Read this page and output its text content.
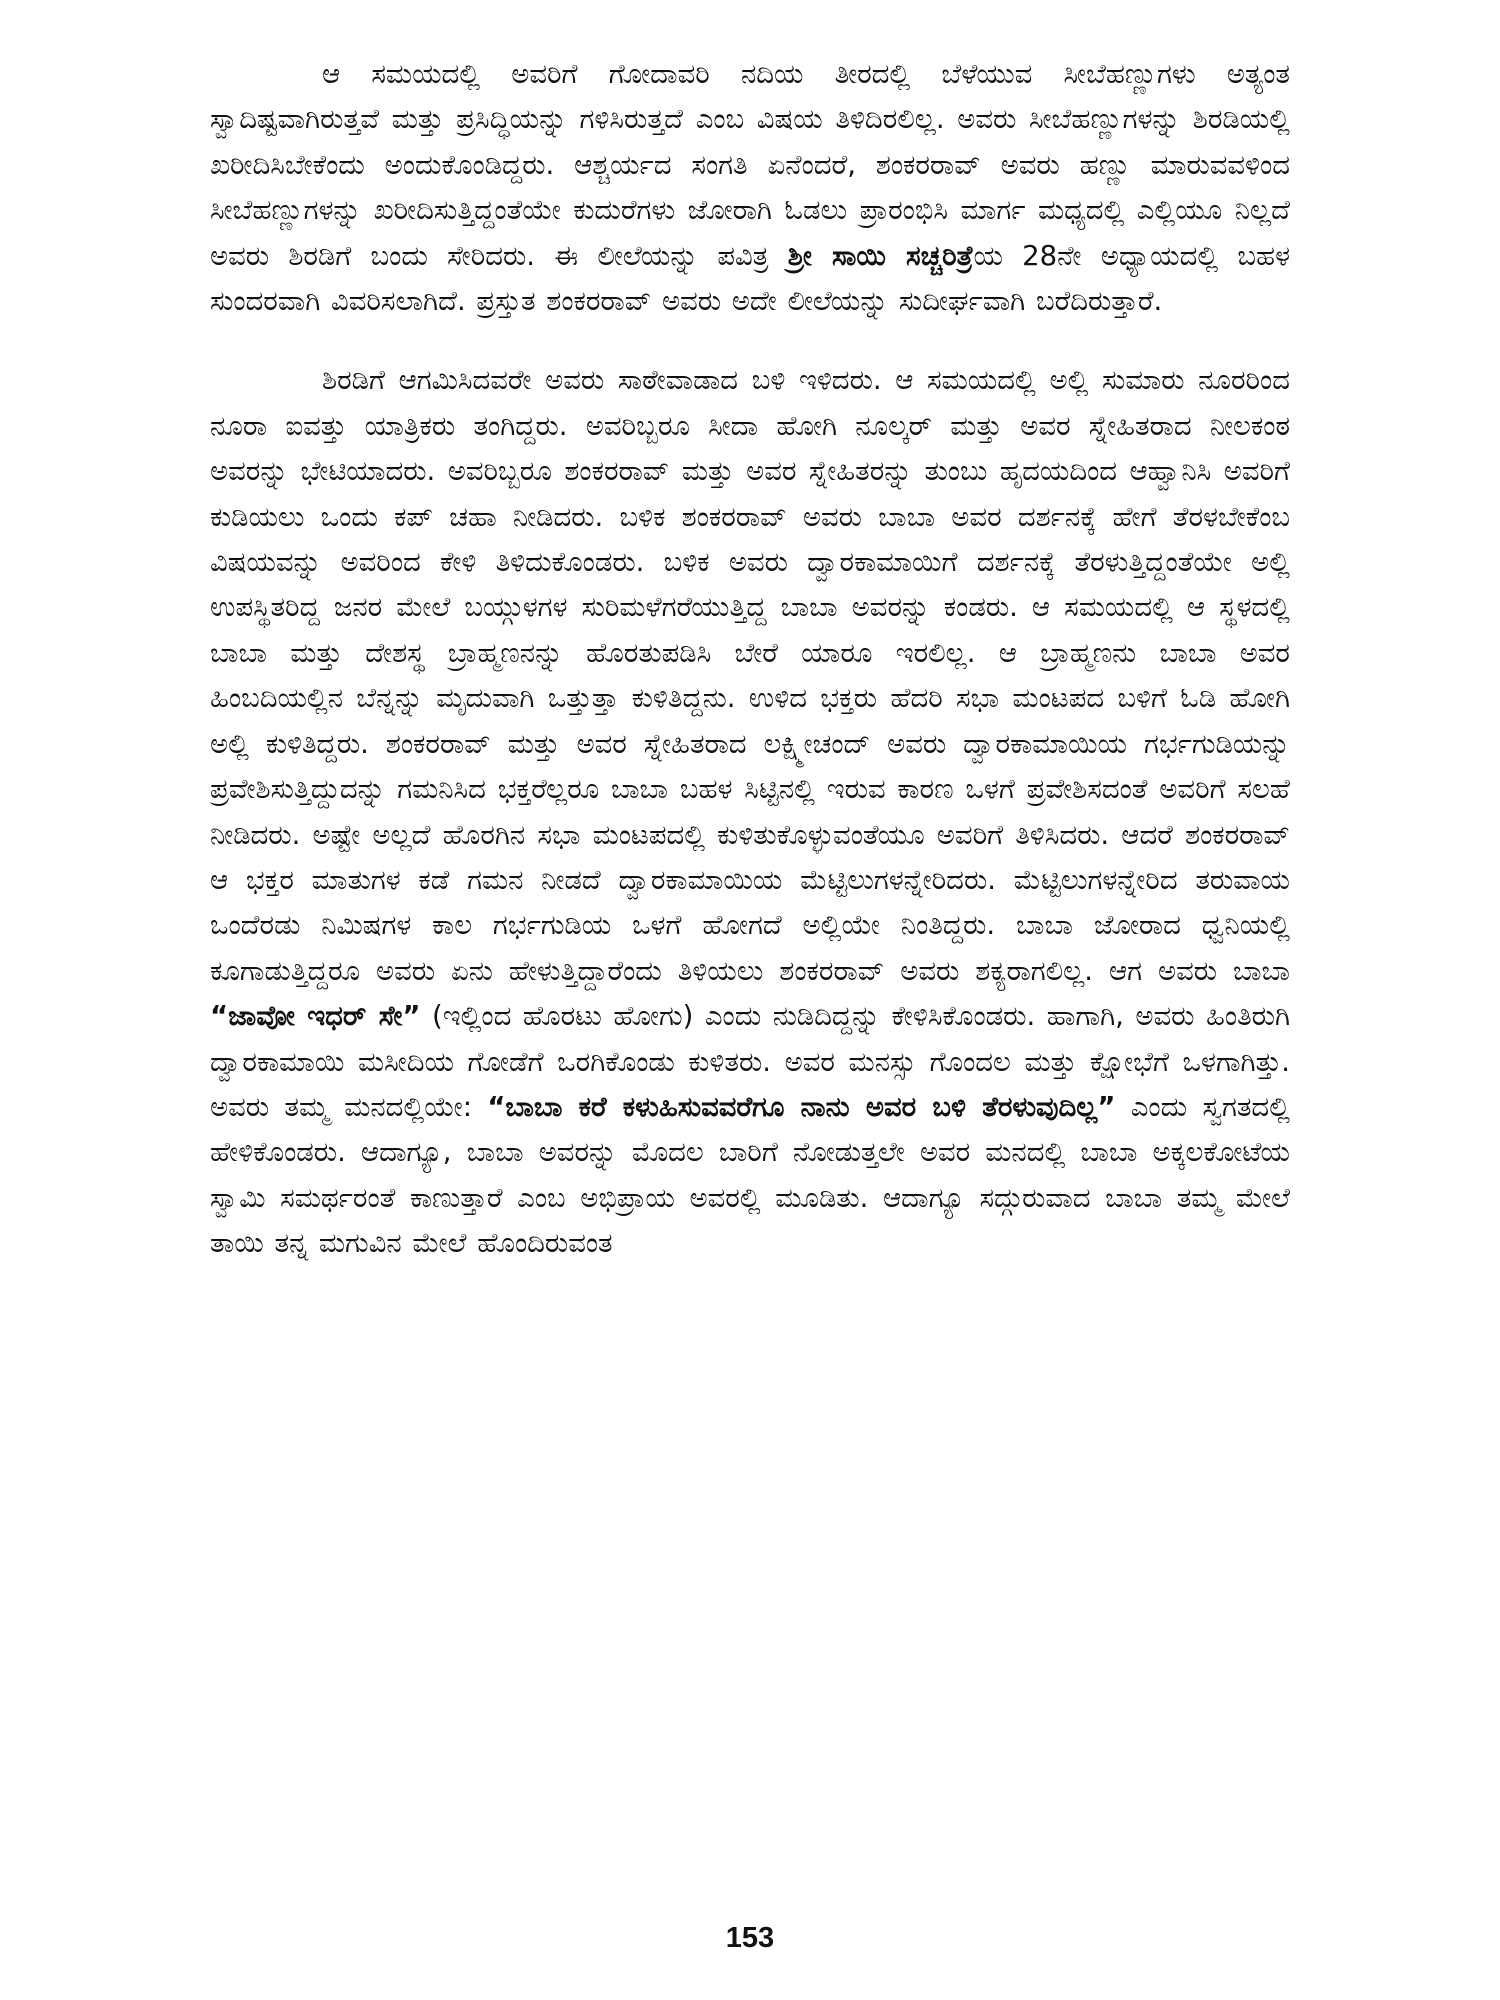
ಆ ಸಮಯದಲ್ಲಿ ಅವರಿಗೆ ಗೋದಾವರಿ ನದಿಯ ತೀರದಲ್ಲಿ ಬೆಳೆಯುವ ಸೀಬೆಹಣ್ಣುಗಳು ಅತ್ಯಂತ ಸ್ವಾದಿಷ್ಟವಾಗಿರುತ್ತವೆ ಮತ್ತು ಪ್ರಸಿದ್ಧಿಯನ್ನು ಗಳಿಸಿರುತ್ತದೆ ಎಂಬ ವಿಷಯ ತಿಳಿದಿರಲಿಲ್ಲ. ಅವರು ಸೀಬೆಹಣ್ಣುಗಳನ್ನು ಶಿರಡಿಯಲ್ಲಿ ಖರೀದಿಸಿಬೇಕೆಂದು ಅಂದುಕೊಂಡಿದ್ದರು. ಆಶ್ಚರ್ಯದ ಸಂಗತಿ ಏನೆಂದರೆ, ಶಂಕರರಾವ್ ಅವರು ಹಣ್ಣು ಮಾರುವವಳಿಂದ ಸೀಬೆಹಣ್ಣುಗಳನ್ನು ಖರೀದಿಸುತ್ತಿದ್ದಂತೆಯೇ ಕುದುರೆಗಳು ಜೋರಾಗಿ ಓಡಲು ಪ್ರಾರಂಭಿಸಿ ಮಾರ್ಗ ಮಧ್ಯದಲ್ಲಿ ಎಲ್ಲಿಯೂ ನಿಲ್ಲದೆ ಅವರು ಶಿರಡಿಗೆ ಬಂದು ಸೇರಿದರು. ಈ ಲೀಲೆಯನ್ನು ಪವಿತ್ರ ಶ್ರೀ ಸಾಯಿ ಸಚ್ಚರಿತ್ರೆಯ 28ನೇ ಅಧ್ಯಾಯದಲ್ಲಿ ಬಹಳ ಸುಂದರವಾಗಿ ವಿವರಿಸಲಾಗಿದೆ. ಪ್ರಸ್ತುತ ಶಂಕರರಾವ್ ಅವರು ಅದೇ ಲೀಲೆಯನ್ನು ಸುದೀರ್ಘವಾಗಿ ಬರೆದಿರುತ್ತಾರೆ.

ಶಿರಡಿಗೆ ಆಗಮಿಸಿದವರೇ ಅವರು ಸಾಠೇವಾಡಾದ ಬಳಿ ಇಳಿದರು. ಆ ಸಮಯದಲ್ಲಿ ಅಲ್ಲಿ ಸುಮಾರು ನೂರರಿಂದ ನೂರಾ ಐವತ್ತು ಯಾತ್ರಿಕರು ತಂಗಿದ್ದರು. ಅವರಿಬ್ಬರೂ ಸೀದಾ ಹೋಗಿ ನೂಲ್ಕರ್ ಮತ್ತು ಅವರ ಸ್ನೇಹಿತರಾದ ನೀಲಕಂಠ ಅವರನ್ನು ಭೇಟಿಯಾದರು. ಅವರಿಬ್ಬರೂ ಶಂಕರರಾವ್ ಮತ್ತು ಅವರ ಸ್ನೇಹಿತರನ್ನು ತುಂಬು ಹೃದಯದಿಂದ ಆಹ್ವಾನಿಸಿ ಅವರಿಗೆ ಕುಡಿಯಲು ಒಂದು ಕಪ್ ಚಹಾ ನೀಡಿದರು. ಬಳಿಕ ಶಂಕರರಾವ್ ಅವರು ಬಾಬಾ ಅವರ ದರ್ಶನಕ್ಕೆ ಹೇಗೆ ತೆರಳಬೇಕೆಂಬ ವಿಷಯವನ್ನು ಅವರಿಂದ ಕೇಳಿ ತಿಳಿದುಕೊಂಡರು. ಬಳಿಕ ಅವರು ದ್ವಾರಕಾಮಾಯಿಗೆ ದರ್ಶನಕ್ಕೆ ತೆರಳುತ್ತಿದ್ದಂತೆಯೇ ಅಲ್ಲಿ ಉಪಸ್ಥಿತರಿದ್ದ ಜನರ ಮೇಲೆ ಬಯ್ಗುಳಗಳ ಸುರಿಮಳೆಗರೆಯುತ್ತಿದ್ದ ಬಾಬಾ ಅವರನ್ನು ಕಂಡರು. ಆ ಸಮಯದಲ್ಲಿ ಆ ಸ್ಥಳದಲ್ಲಿ ಬಾಬಾ ಮತ್ತು ದೇಶಸ್ಥ ಬ್ರಾಹ್ಮಣನನ್ನು ಹೊರತುಪಡಿಸಿ ಬೇರೆ ಯಾರೂ ಇರಲಿಲ್ಲ. ಆ ಬ್ರಾಹ್ಮಣನು ಬಾಬಾ ಅವರ ಹಿಂಬದಿಯಲ್ಲಿನ ಬೆನ್ನನ್ನು ಮೃದುವಾಗಿ ಒತ್ತುತ್ತಾ ಕುಳಿತಿದ್ದನು. ಉಳಿದ ಭಕ್ತರು ಹೆದರಿ ಸಭಾ ಮಂಟಪದ ಬಳಿಗೆ ಓಡಿ ಹೋಗಿ ಅಲ್ಲಿ ಕುಳಿತಿದ್ದರು. ಶಂಕರರಾವ್ ಮತ್ತು ಅವರ ಸ್ನೇಹಿತರಾದ ಲಕ್ಷ್ಮೀಚಂದ್ ಅವರು ದ್ವಾರಕಾಮಾಯಿಯ ಗರ್ಭಗುಡಿಯನ್ನು ಪ್ರವೇಶಿಸುತ್ತಿದ್ದುದನ್ನು ಗಮನಿಸಿದ ಭಕ್ತರೆಲ್ಲರೂ ಬಾಬಾ ಬಹಳ ಸಿಟ್ಟಿನಲ್ಲಿ ಇರುವ ಕಾರಣ ಒಳಗೆ ಪ್ರವೇಶಿಸದಂತೆ ಅವರಿಗೆ ಸಲಹೆ ನೀಡಿದರು. ಅಷ್ಟೇ ಅಲ್ಲದೆ ಹೊರಗಿನ ಸಭಾ ಮಂಟಪದಲ್ಲಿ ಕುಳಿತುಕೊಳ್ಳುವಂತೆಯೂ ಅವರಿಗೆ ತಿಳಿಸಿದರು. ಆದರೆ ಶಂಕರರಾವ್ ಆ ಭಕ್ತರ ಮಾತುಗಳ ಕಡೆ ಗಮನ ನೀಡದೆ ದ್ವಾರಕಾಮಾಯಿಯ ಮೆಟ್ಟಿಲುಗಳನ್ನೇರಿದರು. ಮೆಟ್ಟಿಲುಗಳನ್ನೇರಿದ ತರುವಾಯ ಒಂದೆರಡು ನಿಮಿಷಗಳ ಕಾಲ ಗರ್ಭಗುಡಿಯ ಒಳಗೆ ಹೋಗದೆ ಅಲ್ಲಿಯೇ ನಿಂತಿದ್ದರು. ಬಾಬಾ ಜೋರಾದ ಧ್ವನಿಯಲ್ಲಿ ಕೂಗಾಡುತ್ತಿದ್ದರೂ ಅವರು ಏನು ಹೇಳುತ್ತಿದ್ದಾರೆಂದು ತಿಳಿಯಲು ಶಂಕರರಾವ್ ಅವರು ಶಕ್ಯರಾಗಲಿಲ್ಲ. ಆಗ ಅವರು ಬಾಬಾ “ಜಾವೋ ಇಧರ್ ಸೇ” (ಇಲ್ಲಿಂದ ಹೊರಟು ಹೋಗು) ಎಂದು ನುಡಿದಿದ್ದನ್ನು ಕೇಳಿಸಿಕೊಂಡರು. ಹಾಗಾಗಿ, ಅವರು ಹಿಂತಿರುಗಿ ದ್ವಾರಕಾಮಾಯಿ ಮಸೀದಿಯ ಗೋಡೆಗೆ ಒರಗಿಕೊಂಡು ಕುಳಿತರು. ಅವರ ಮನಸ್ಸು ಗೊಂದಲ ಮತ್ತು ಕ್ಷೋಭೆಗೆ ಒಳಗಾಗಿತ್ತು. ಅವರು ತಮ್ಮ ಮನದಲ್ಲಿಯೇ: “ಬಾಬಾ ಕರೆ ಕಳುಹಿಸುವವರೆಗೂ ನಾನು ಅವರ ಬಳಿ ತೆರಳುವುದಿಲ್ಲ” ಎಂದು ಸ್ವಗತದಲ್ಲಿ ಹೇಳಿಕೊಂಡರು. ಆದಾಗ್ಯೂ, ಬಾಬಾ ಅವರನ್ನು ಮೊದಲ ಬಾರಿಗೆ ನೋಡುತ್ತಲೇ ಅವರ ಮನದಲ್ಲಿ ಬಾಬಾ ಅಕ್ಕಲಕೋಟೆಯ ಸ್ವಾಮಿ ಸಮರ್ಥರಂತೆ ಕಾಣುತ್ತಾರೆ ಎಂಬ ಅಭಿಪ್ರಾಯ ಅವರಲ್ಲಿ ಮೂಡಿತು. ಆದಾಗ್ಯೂ ಸದ್ಗುರುವಾದ ಬಾಬಾ ತಮ್ಮ ಮೇಲೆ ತಾಯಿ ತನ್ನ ಮಗುವಿನ ಮೇಲೆ ಹೊಂದಿರುವಂತ

153
